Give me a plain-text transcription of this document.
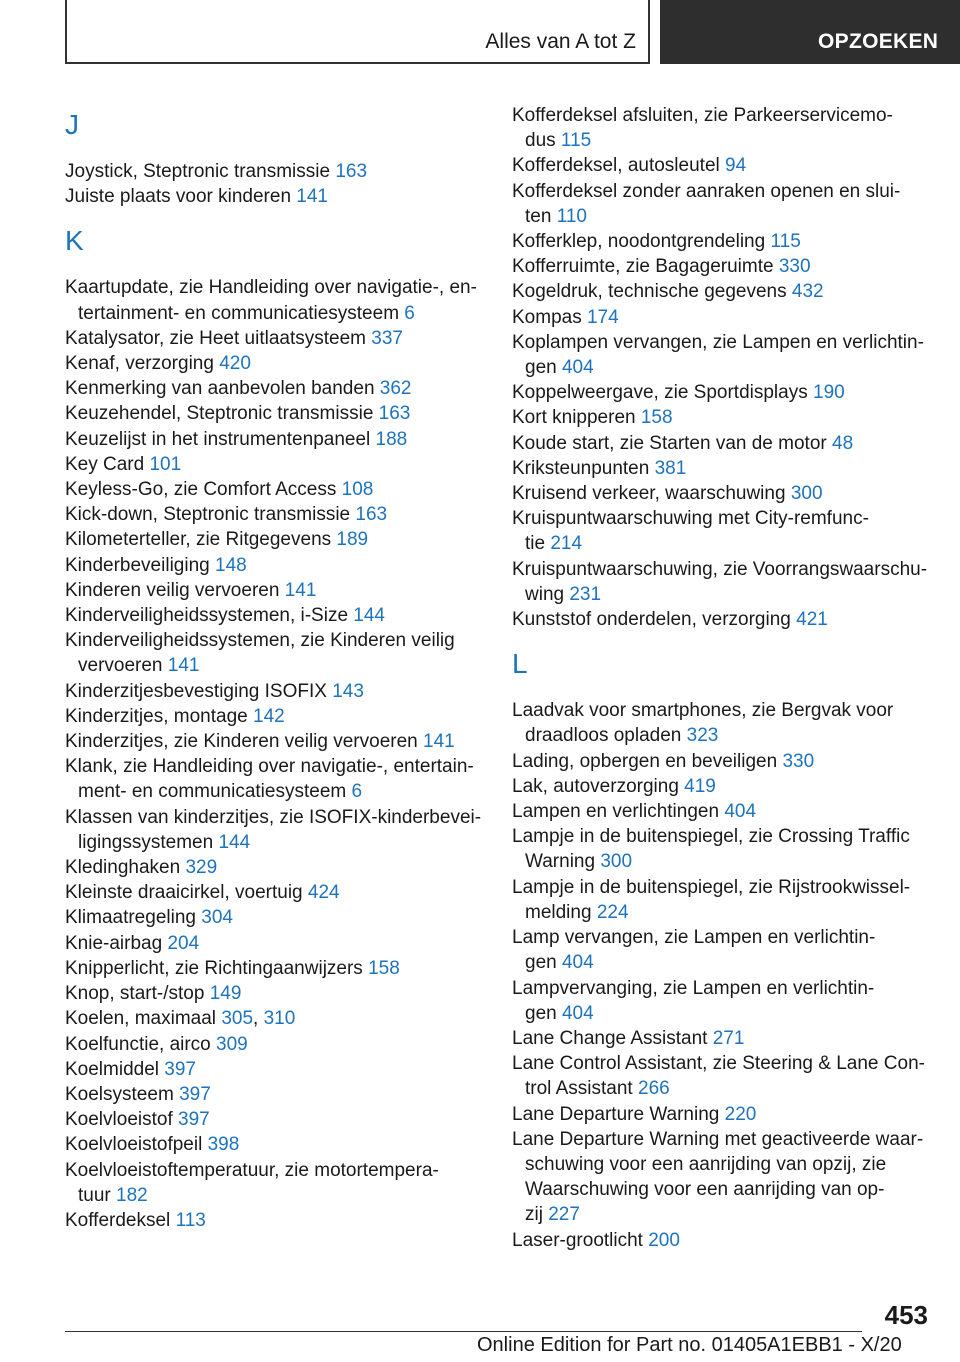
Alles van A tot Z	OPZOEKEN
J
Joystick, Steptronic transmissie 163
Juiste plaats voor kinderen 141
K
Kaartupdate, zie Handleiding over navigatie-, en-
tertainment- en communicatiesysteem 6
Katalysator, zie Heet uitlaatsysteem 337
Kenaf, verzorging 420
Kenmerking van aanbevolen banden 362
Keuzehendel, Steptronic transmissie 163
Keuzelijst in het instrumentenpaneel 188
Key Card 101
Keyless-Go, zie Comfort Access 108
Kick-down, Steptronic transmissie 163
Kilometerteller, zie Ritgegevens 189
Kinderbeveiliging 148
Kinderen veilig vervoeren 141
Kinderveiligheidssystemen, i-Size 144
Kinderveiligheidssystemen, zie Kinderen veilig
vervoeren 141
Kinderzitjesbevestiging ISOFIX 143
Kinderzitjes, montage 142
Kinderzitjes, zie Kinderen veilig vervoeren 141
Klank, zie Handleiding over navigatie-, entertain-
ment- en communicatiesysteem 6
Klassen van kinderzitjes, zie ISOFIX-kinderbevei-
ligingssystemen 144
Kledinghaken 329
Kleinste draaicirkel, voertuig 424
Klimaatregeling 304
Knie-airbag 204
Knipperlicht, zie Richtingaanwijzers 158
Knop, start-/stop 149
Koelen, maximaal 305, 310
Koelfunctie, airco 309
Koelmiddel 397
Koelsysteem 397
Koelvloeistof 397
Koelvloeistofpeil 398
Koelvloeistoftemperatuur, zie motortempera-
tuur 182
Kofferdeksel 113
Kofferdeksel afsluiten, zie Parkeerservicemo-
dus 115
Kofferdeksel, autosleutel 94
Kofferdeksel zonder aanraken openen en slui-
ten 110
Kofferklep, noodontgrendeling 115
Kofferruimte, zie Bagageruimte 330
Kogeldruk, technische gegevens 432
Kompas 174
Koplampen vervangen, zie Lampen en verlichtin-
gen 404
Koppelweergave, zie Sportdisplays 190
Kort knipperen 158
Koude start, zie Starten van de motor 48
Kriksteunpunten 381
Kruisend verkeer, waarschuwing 300
Kruispuntwaarschuwing met City-remfunc-
tie 214
Kruispuntwaarschuwing, zie Voorrangswaarschu-
wing 231
Kunststof onderdelen, verzorging 421
L
Laadvak voor smartphones, zie Bergvak voor
draadloos opladen 323
Lading, opbergen en beveiligen 330
Lak, autoverzorging 419
Lampen en verlichtingen 404
Lampje in de buitenspiegel, zie Crossing Traffic
Warning 300
Lampje in de buitenspiegel, zie Rijstrookwissel-
melding 224
Lamp vervangen, zie Lampen en verlichtin-
gen 404
Lampvervanging, zie Lampen en verlichtin-
gen 404
Lane Change Assistant 271
Lane Control Assistant, zie Steering & Lane Con-
trol Assistant 266
Lane Departure Warning 220
Lane Departure Warning met geactiveerde waar-
schuwing voor een aanrijding van opzij, zie
Waarschuwing voor een aanrijding van op-
zij 227
Laser-grootlicht 200
453
Online Edition for Part no. 01405A1EBB1 - X/20
